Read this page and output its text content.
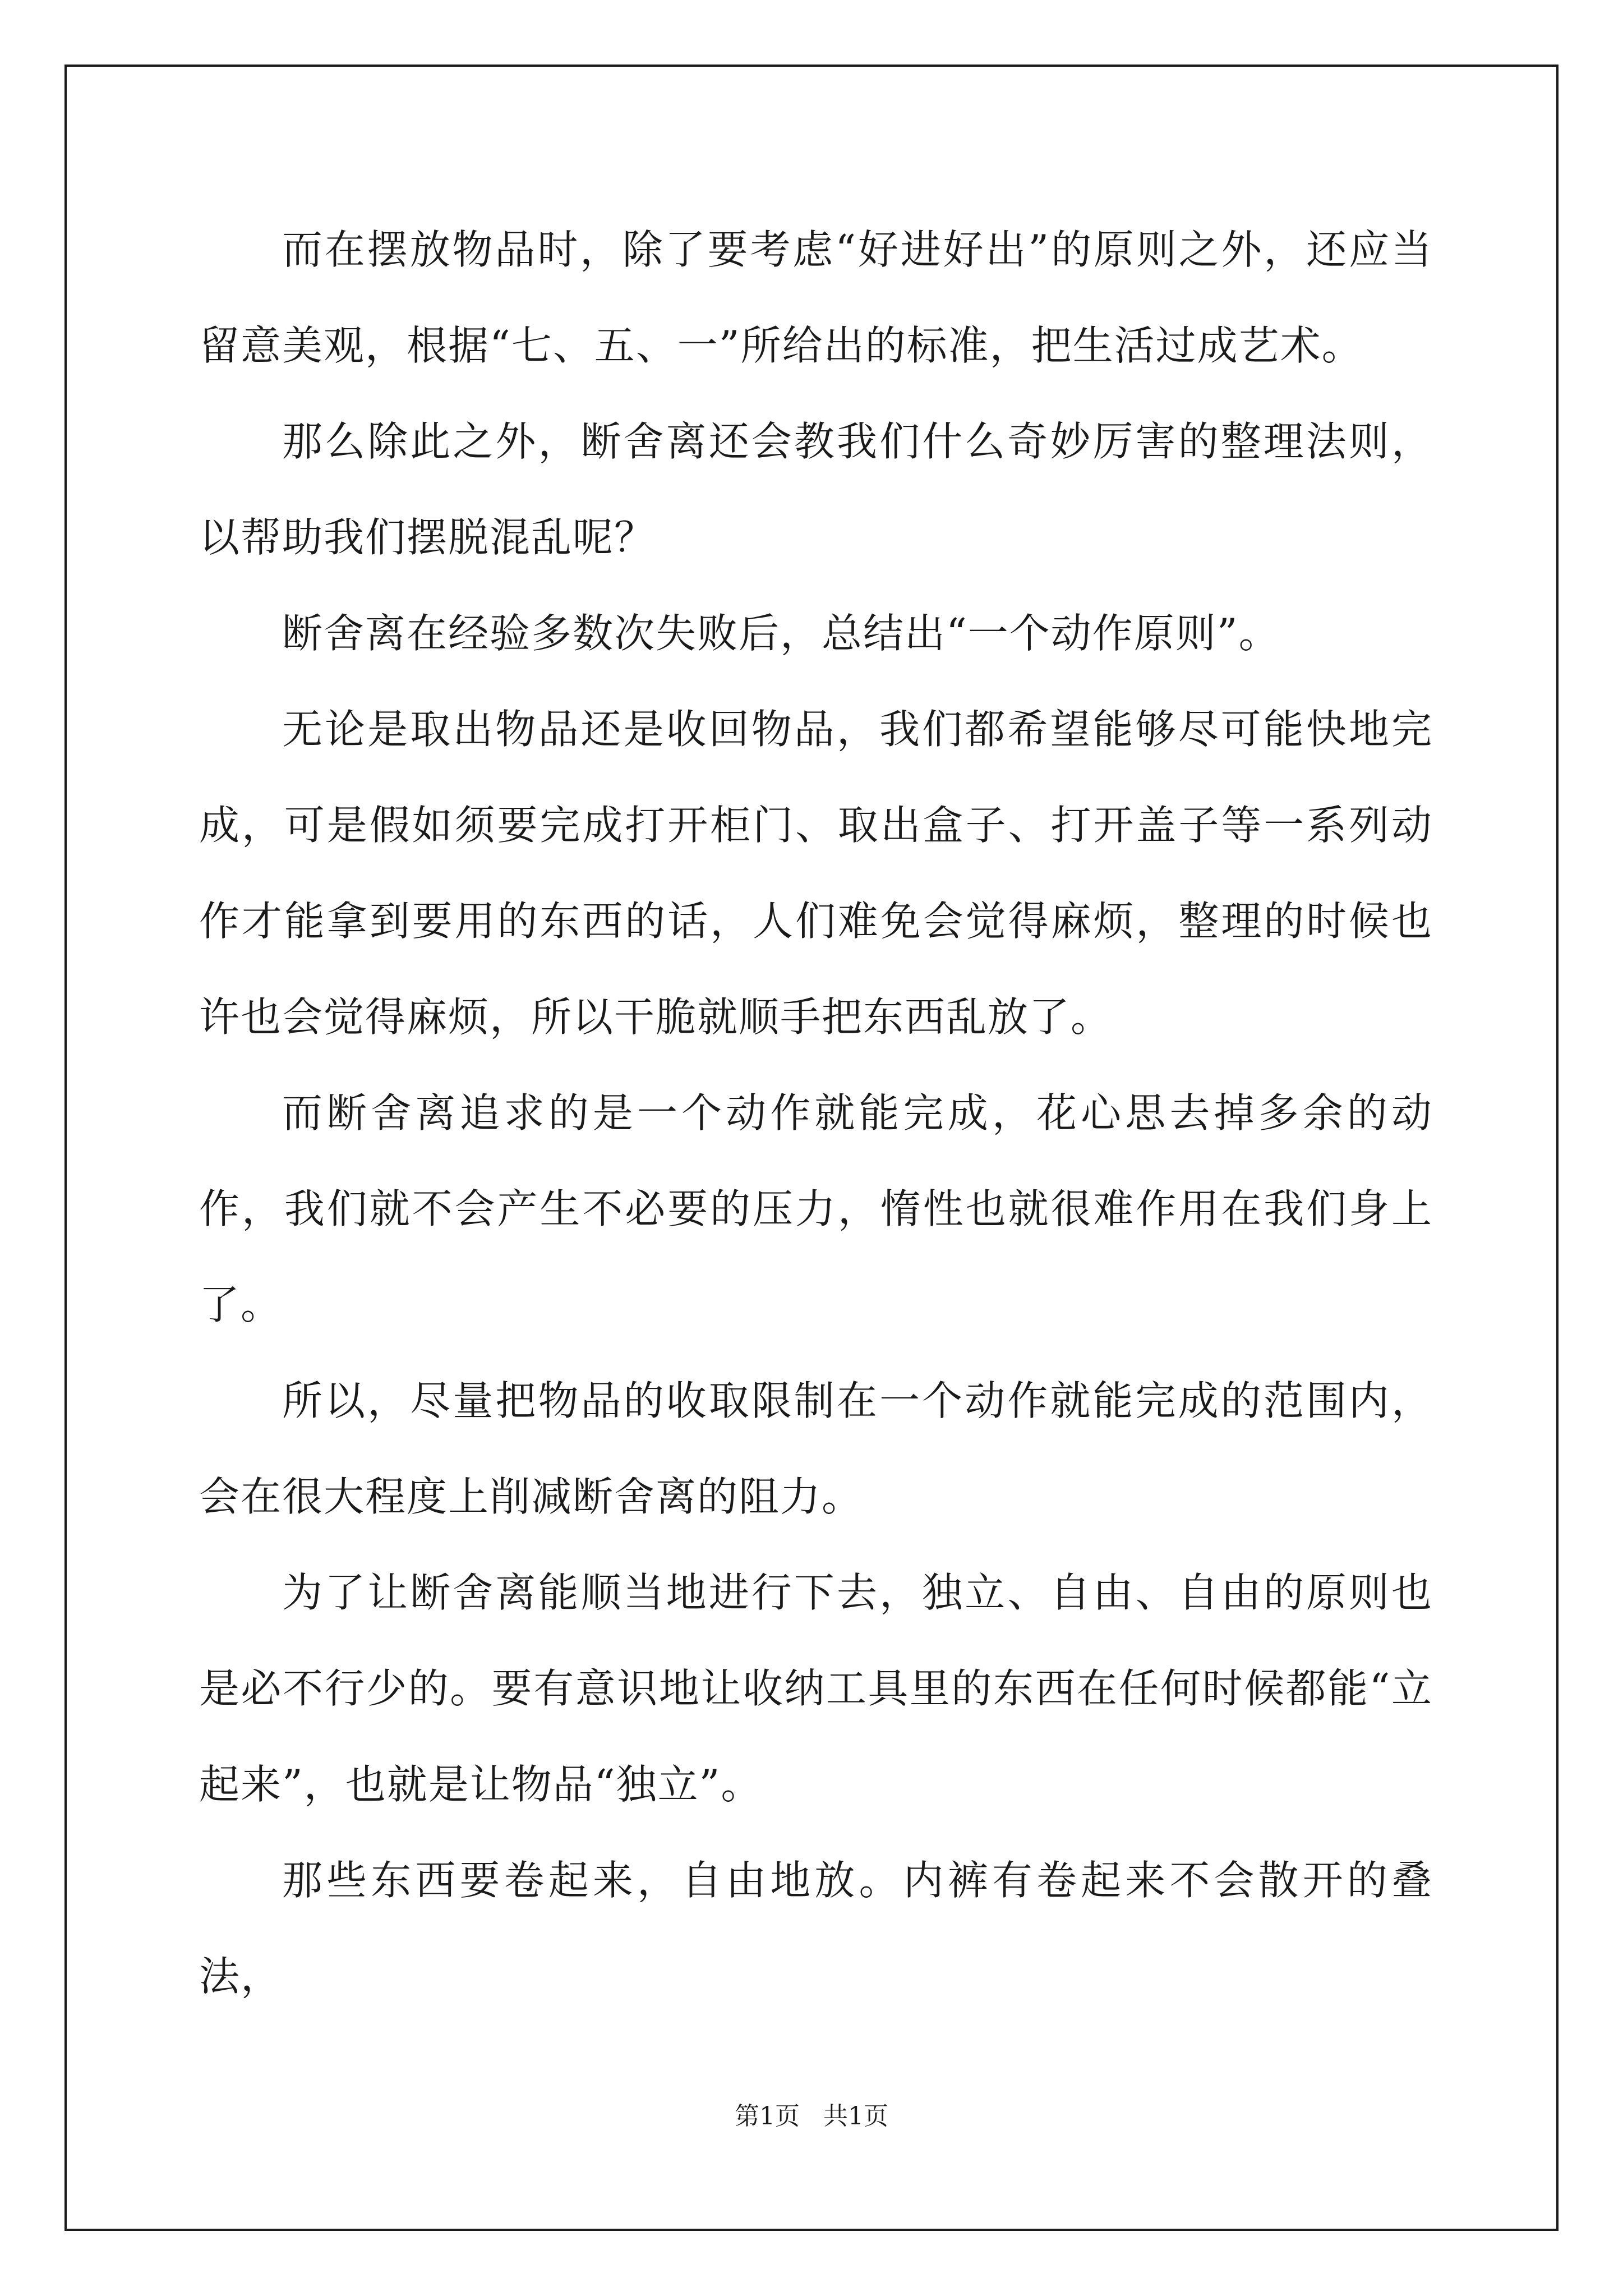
而在摆放物品时，除了要考虑“好进好出”的原则之外，还应当留意美观，根据“七、五、一”所给出的标准，把生活过成艺术。

那么除此之外，断舍离还会教我们什么奇妙厉害的整理法则，以帮助我们摆脱混乱呢？

断舍离在经验多数次失败后，总结出“一个动作原则”。

无论是取出物品还是收回物品，我们都希望能够尽可能快地完成，可是假如须要完成打开柜门、取出盒子、打开盖子等一系列动作才能拿到要用的东西的话，人们难免会觉得麻烦，整理的时候也许也会觉得麻烦，所以干脆就顺手把东西乱放了。

而断舍离追求的是一个动作就能完成，花心思去掉多余的动作，我们就不会产生不必要的压力，惰性也就很难作用在我们身上了。

所以，尽量把物品的收取限制在一个动作就能完成的范围内，会在很大程度上削减断舍离的阻力。

为了让断舍离能顺当地进行下去，独立、自由、自由的原则也是必不行少的。要有意识地让收纳工具里的东西在任何时候都能“立起来”，也就是让物品“独立”。

那些东西要卷起来，自由地放。内裤有卷起来不会散开的叠法，

第1页   共1页
